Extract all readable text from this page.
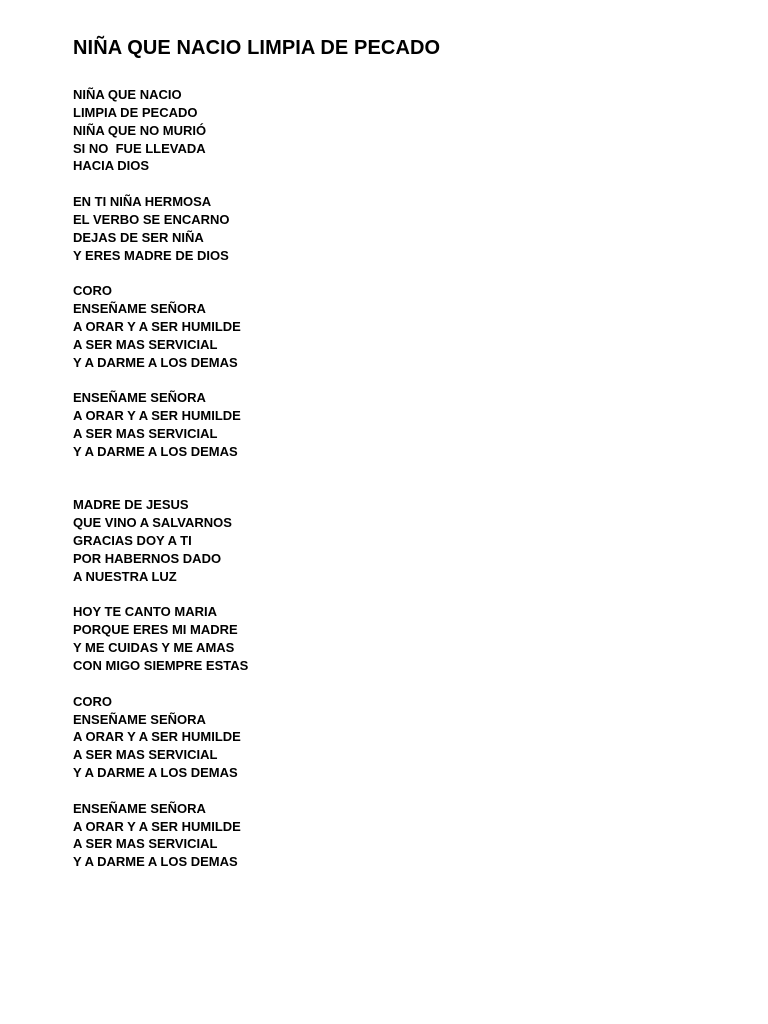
NIÑA QUE NACIO LIMPIA DE PECADO
NIÑA QUE NACIO
LIMPIA DE PECADO
NIÑA QUE NO MURIÓ
SI NO  FUE LLEVADA
HACIA DIOS
EN TI NIÑA HERMOSA
EL VERBO SE ENCARNO
DEJAS DE SER NIÑA
Y ERES MADRE DE DIOS
CORO
ENSEÑAME SEÑORA
A ORAR Y A SER HUMILDE
A SER MAS SERVICIAL
Y A DARME A LOS DEMAS
ENSEÑAME SEÑORA
A ORAR Y A SER HUMILDE
A SER MAS SERVICIAL
Y A DARME A LOS DEMAS
MADRE DE JESUS
QUE VINO A SALVARNOS
GRACIAS DOY A TI
POR HABERNOS DADO
A NUESTRA LUZ
HOY TE CANTO MARIA
PORQUE ERES MI MADRE
Y ME CUIDAS Y ME AMAS
CON MIGO SIEMPRE ESTAS
CORO
ENSEÑAME SEÑORA
A ORAR Y A SER HUMILDE
A SER MAS SERVICIAL
Y A DARME A LOS DEMAS
ENSEÑAME SEÑORA
A ORAR Y A SER HUMILDE
A SER MAS SERVICIAL
Y A DARME A LOS DEMAS
